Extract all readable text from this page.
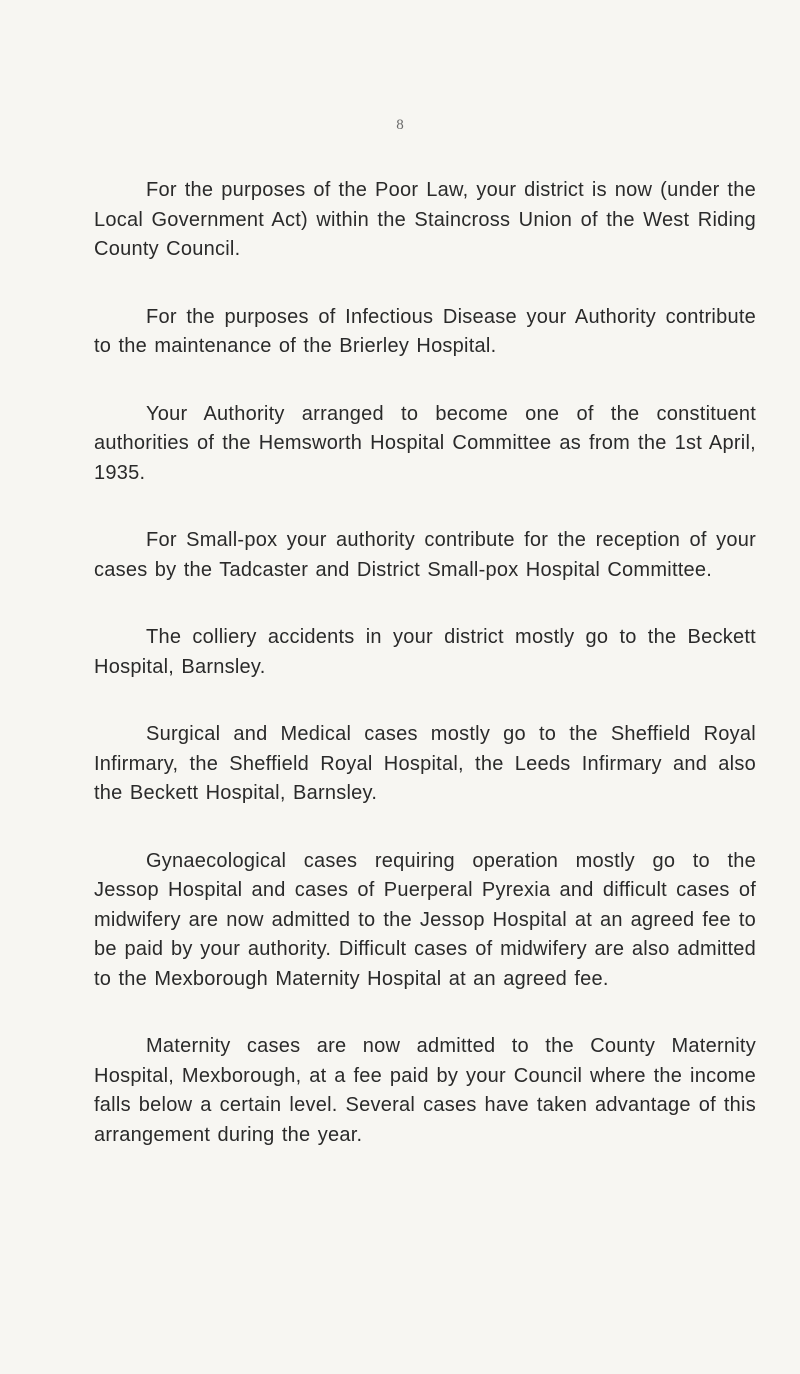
8

For the purposes of the Poor Law, your district is now (under the Local Government Act) within the Staincross Union of the West Riding County Council.

For the purposes of Infectious Disease your Authority contribute to the maintenance of the Brierley Hospital.

Your Authority arranged to become one of the constituent authorities of the Hemsworth Hospital Committee as from the 1st April, 1935.

For Small-pox your authority contribute for the reception of your cases by the Tadcaster and District Small-pox Hospital Committee.

The colliery accidents in your district mostly go to the Beckett Hospital, Barnsley.

Surgical and Medical cases mostly go to the Sheffield Royal Infirmary, the Sheffield Royal Hospital, the Leeds Infirmary and also the Beckett Hospital, Barnsley.

Gynaecological cases requiring operation mostly go to the Jessop Hospital and cases of Puerperal Pyrexia and difficult cases of midwifery are now admitted to the Jessop Hospital at an agreed fee to be paid by your authority. Difficult cases of midwifery are also admitted to the Mexborough Maternity Hospital at an agreed fee.

Maternity cases are now admitted to the County Maternity Hospital, Mexborough, at a fee paid by your Council where the income falls below a certain level. Several cases have taken advantage of this arrangement during the year.
